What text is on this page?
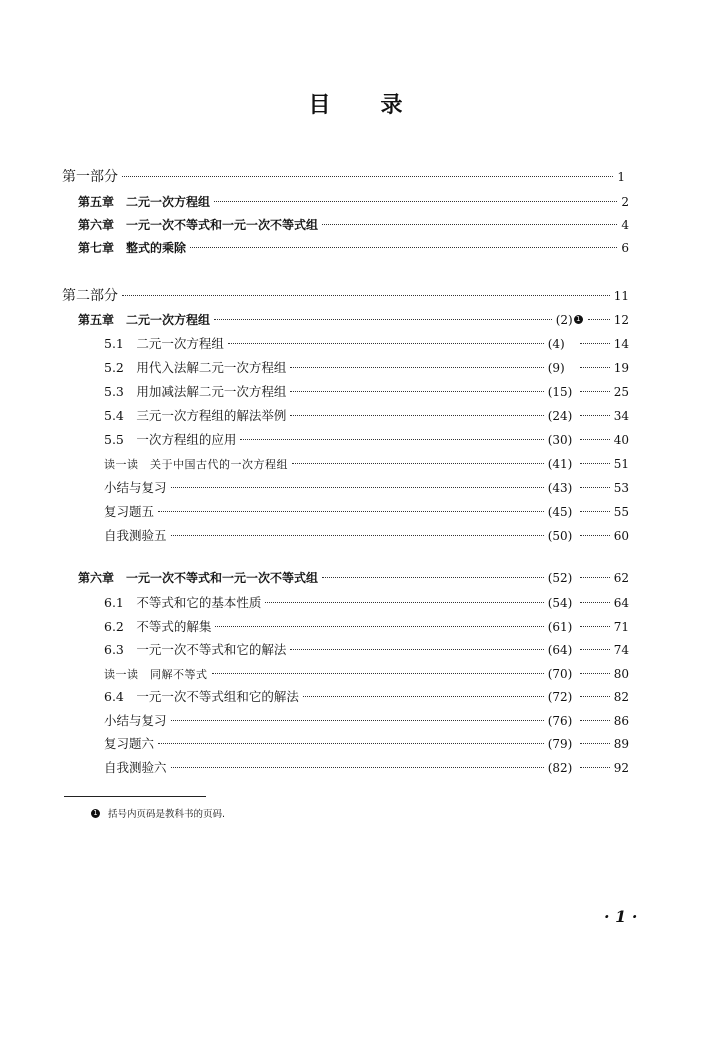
目 录
第一部分	1
第五章　 二元一次方程组	2
第六章　 一元一次不等式和一元一次不等式组	4
第七章　 整式的乘除	6
第二部分	11
第五章　 二元一次方程组	(2) 1	12
5.1　二元一次方程组	(4)	14
5.2　用代入法解二元一次方程组	(9)	19
5.3　用加减法解二元一次方程组	(15)	25
5.4　三元一次方程组的解法举例	(24)	34
5.5　一次方程组的应用	(30)	40
读一读　关于中国古代的一次方程组	(41)	51
小结与复习	(43)	53
复习题五	(45)	55
自我测验五	(50)	60
第六章　 一元一次不等式和一元一次不等式组	(52)	62
6.1　不等式和它的基本性质	(54)	64
6.2　不等式的解集	(61)	71
6.3　一元一次不等式和它的解法	(64)	74
读一读　同解不等式	(70)	80
6.4　一元一次不等式组和它的解法	(72)	82
小结与复习	(76)	86
复习题六	(79)	89
自我测验六	(82)	92
1 括号内页码是教科书的页码.
· 1 ·
